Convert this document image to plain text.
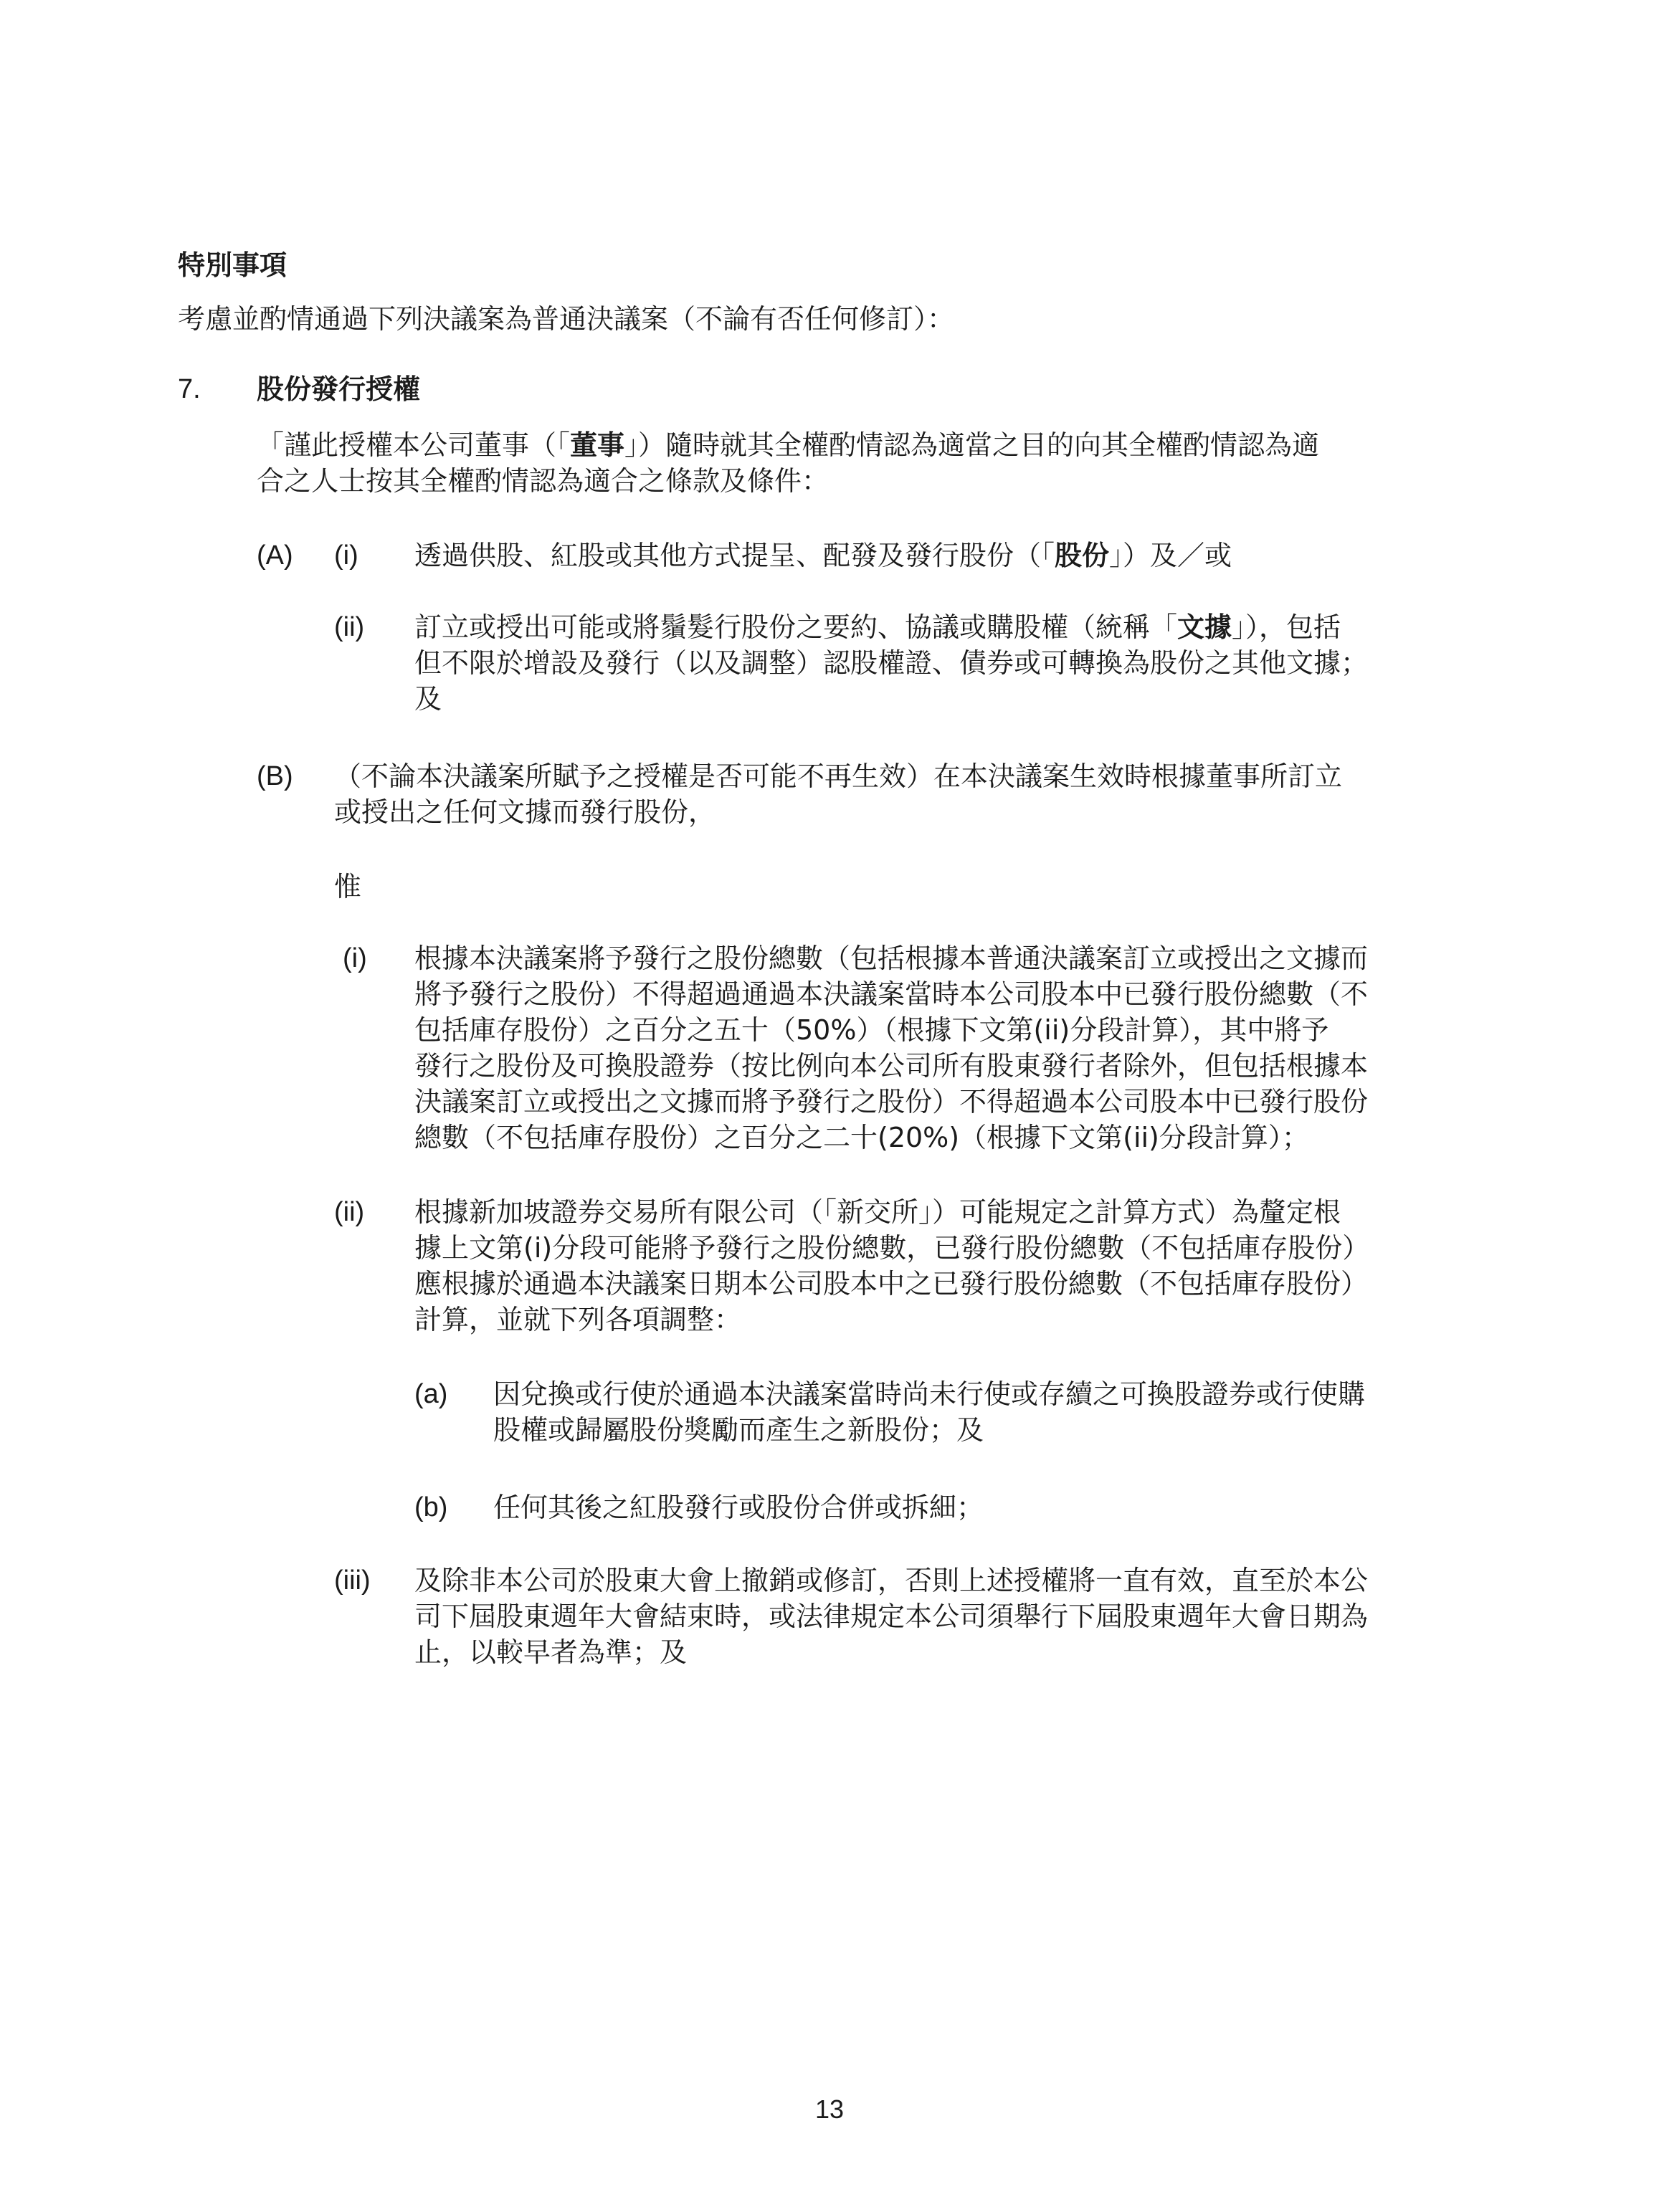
特別事項
考慮並酌情通過下列決議案為普通決議案（不論有否任何修訂）：
7. 股份發行授權
「謹此授權本公司董事（「董事」）隨時就其全權酌情認為適當之目的向其全權酌情認為適
合之人士按其全權酌情認為適合之條款及條件：
(A) (i) 透過供股、紅股或其他方式提呈、配發及發行股份（「股份」）及／或
(ii) 訂立或授出可能或將鬚髮行股份之要約、協議或購股權（統稱「文據」），包括
但不限於增設及發行（以及調整）認股權證、債券或可轉換為股份之其他文據；
及
(B) （不論本決議案所賦予之授權是否可能不再生效）在本決議案生效時根據董事所訂立
或授出之任何文據而發行股份，
惟
(i) 根據本決議案將予發行之股份總數（包括根據本普通決議案訂立或授出之文據而
將予發行之股份）不得超過通過本決議案當時本公司股本中已發行股份總數（不
包括庫存股份）之百分之五十（50%）（根據下文第(ii)分段計算），其中將予
發行之股份及可換股證券（按比例向本公司所有股東發行者除外，但包括根據本
決議案訂立或授出之文據而將予發行之股份）不得超過本公司股本中已發行股份
總數（不包括庫存股份）之百分之二十(20%)（根據下文第(ii)分段計算）；
(ii) 根據新加坡證券交易所有限公司（「新交所」）可能規定之計算方式）為釐定根
據上文第(i)分段可能將予發行之股份總數，已發行股份總數（不包括庫存股份）
應根據於通過本決議案日期本公司股本中之已發行股份總數（不包括庫存股份）
計算，並就下列各項調整：
(a) 因兌換或行使於通過本決議案當時尚未行使或存續之可換股證券或行使購
股權或歸屬股份獎勵而產生之新股份；及
(b) 任何其後之紅股發行或股份合併或拆細；
(iii) 及除非本公司於股東大會上撤銷或修訂，否則上述授權將一直有效，直至於本公
司下屆股東週年大會結束時，或法律規定本公司須舉行下屆股東週年大會日期為
止，以較早者為準；及
13
